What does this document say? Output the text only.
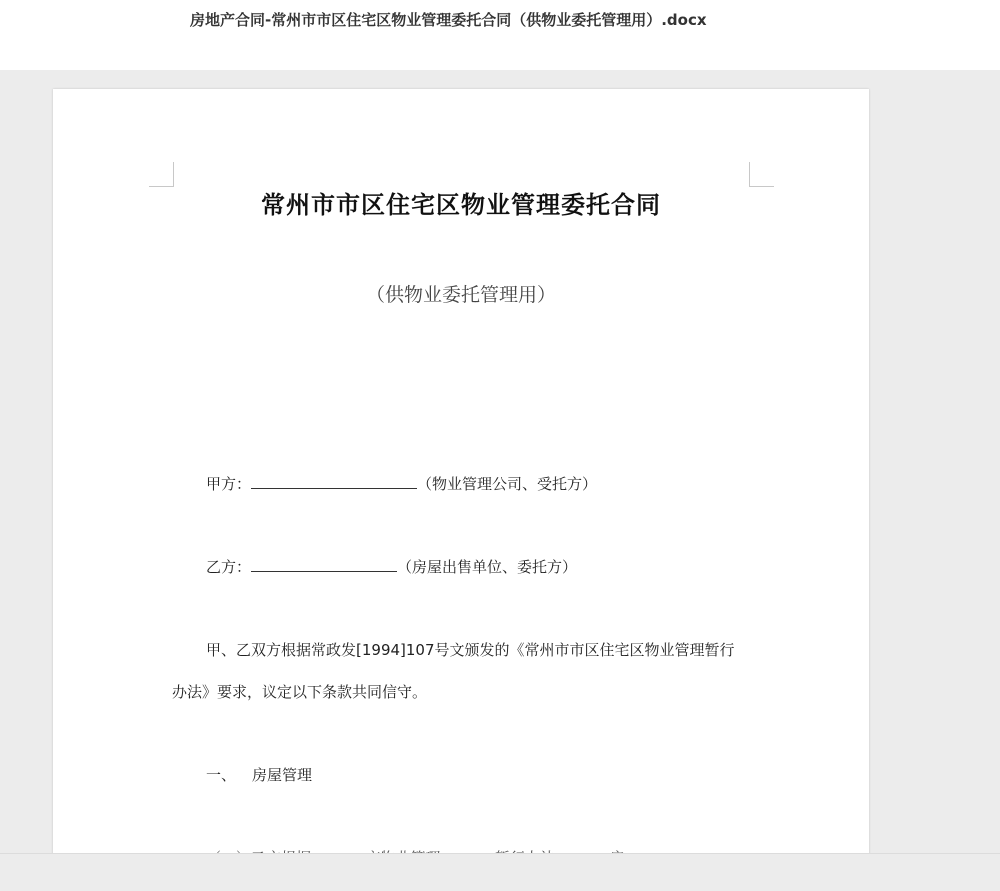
房地产合同-常州市市区住宅区物业管理委托合同（供物业委托管理用）.docx
常州市市区住宅区物业管理委托合同
（供物业委托管理用）
甲方：	（物业管理公司、受托方）
乙方：	（房屋出售单位、委托方）
甲、乙双方根据常政发[1994]107号文颁发的《常州市市区住宅区物业管理暂行
办法》要求，议定以下条款共同信守。
一、 房屋管理
